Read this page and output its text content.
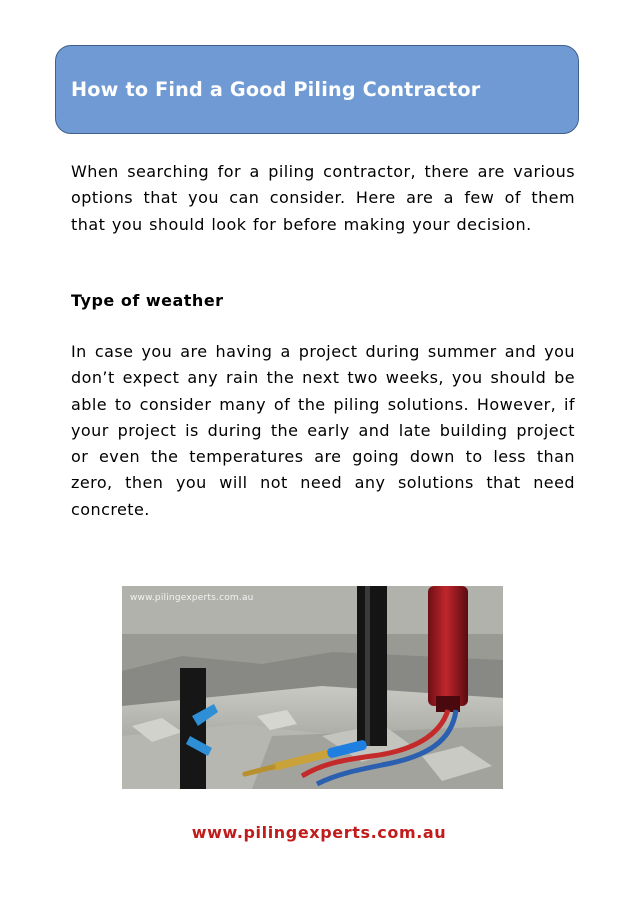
How to Find a Good Piling Contractor

When searching for a piling contractor, there are various options that you can consider. Here are a few of them that you should look for before making your decision.

Type of weather

In case you are having a project during summer and you don’t expect any rain the next two weeks, you should be able to consider many of the piling solutions. However, if your project is during the early and late building project or even the temperatures are going down to less than zero, then you will not need any solutions that need concrete.

www.pilingexperts.com.au
www.pilingexperts.com.au
